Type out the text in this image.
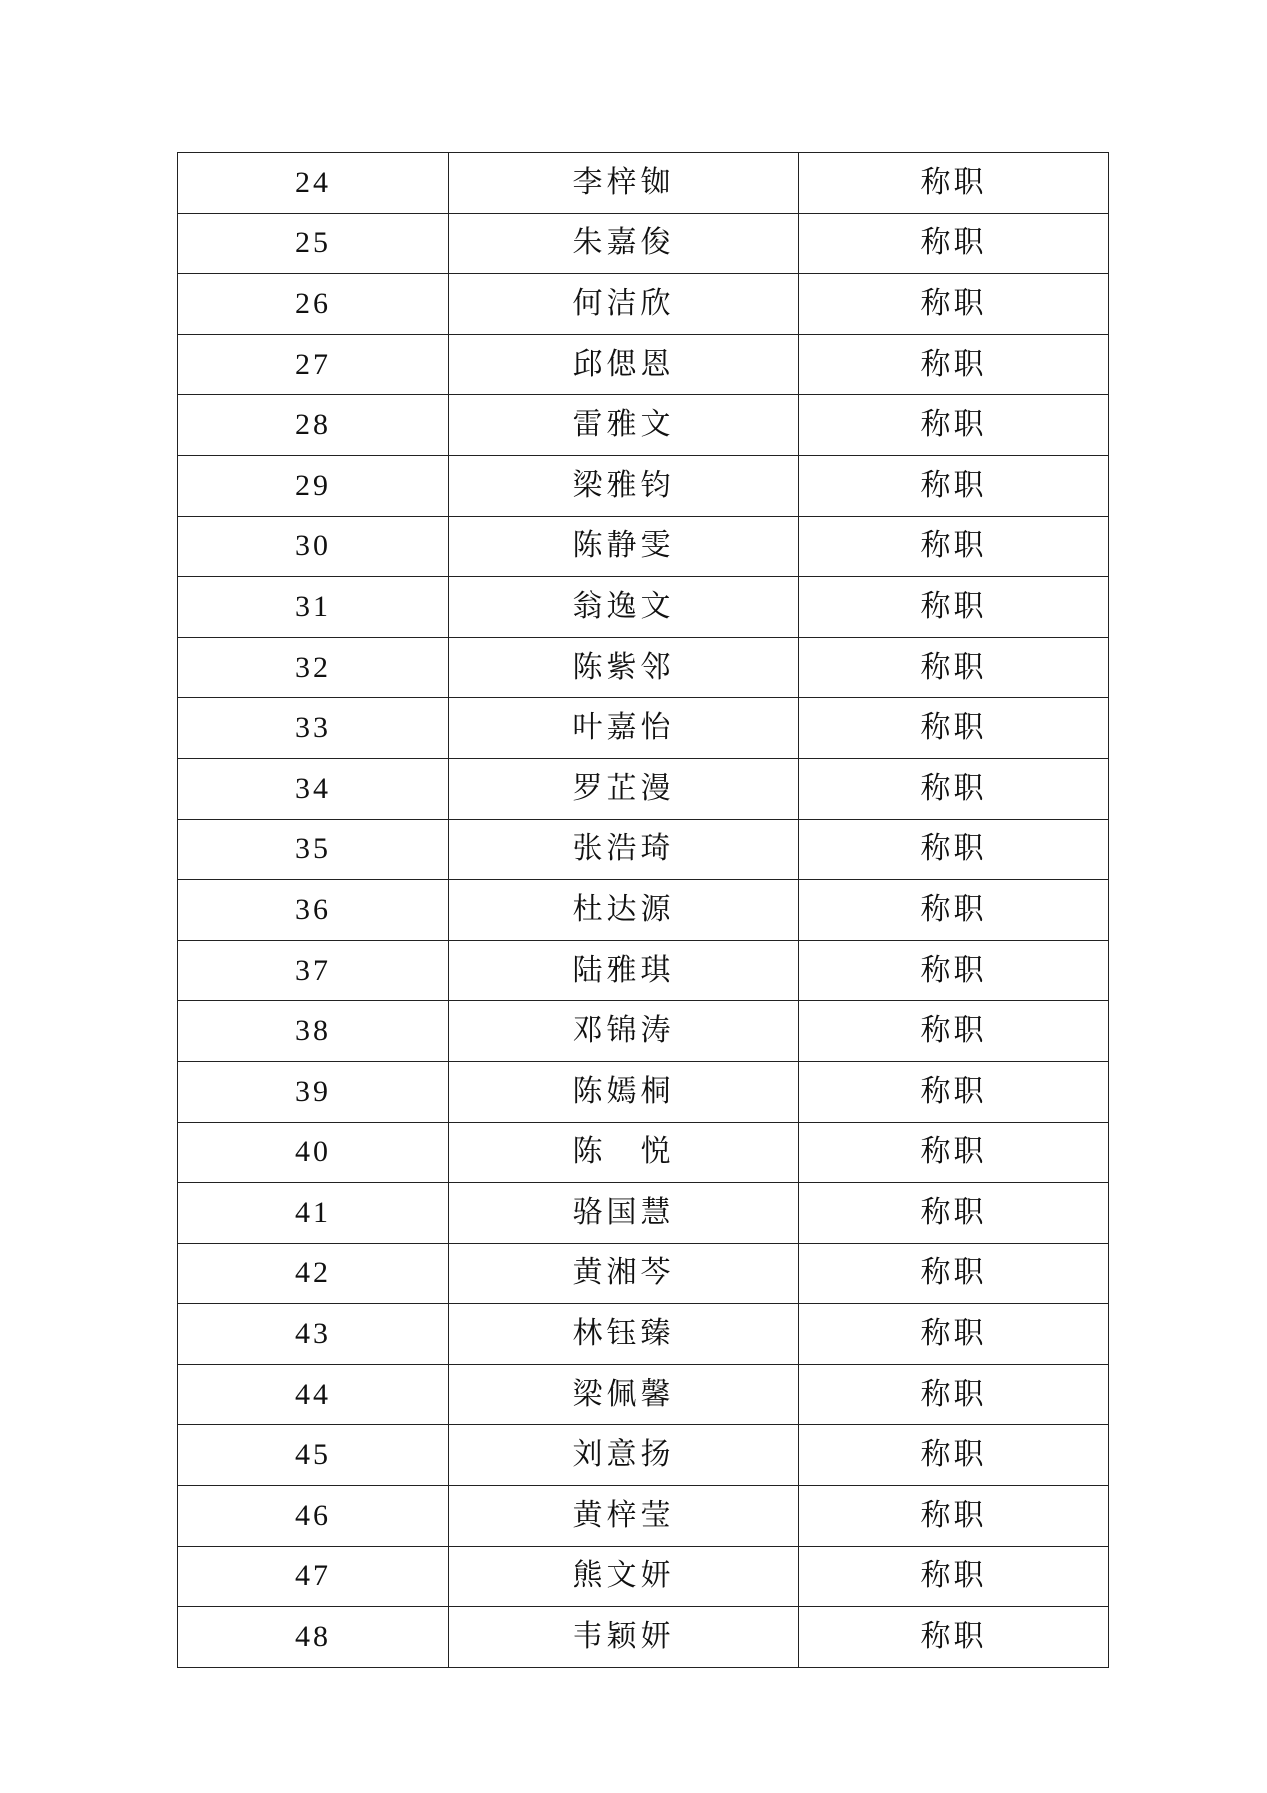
24	李梓铷	称职
25	朱嘉俊	称职
26	何洁欣	称职
27	邱偲恩	称职
28	雷雅文	称职
29	梁雅钧	称职
30	陈静雯	称职
31	翁逸文	称职
32	陈紫邻	称职
33	叶嘉怡	称职
34	罗芷漫	称职
35	张浩琦	称职
36	杜达源	称职
37	陆雅琪	称职
38	邓锦涛	称职
39	陈嫣桐	称职
40	陈　悦	称职
41	骆国慧	称职
42	黄湘芩	称职
43	林钰臻	称职
44	梁佩馨	称职
45	刘意扬	称职
46	黄梓莹	称职
47	熊文妍	称职
48	韦颖妍	称职
